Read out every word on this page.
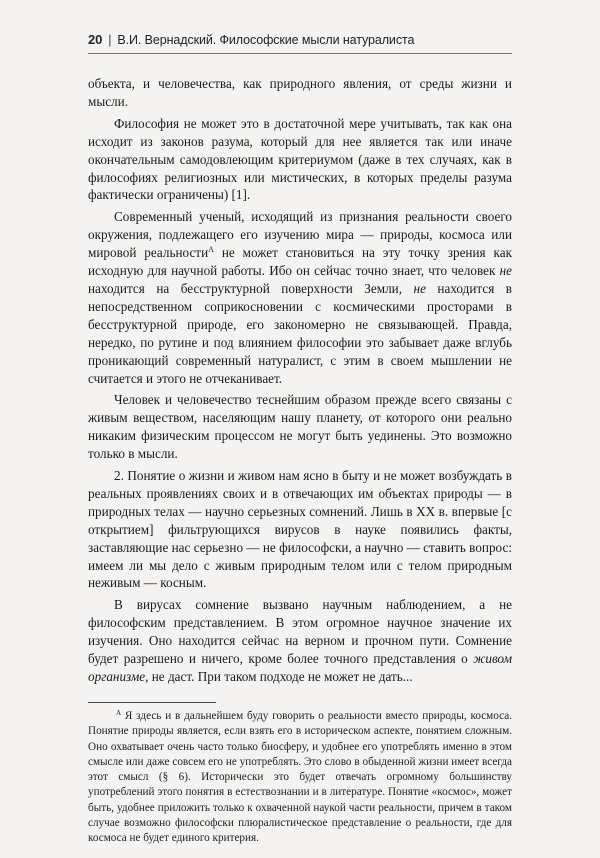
20 | В.И. Вернадский. Философские мысли натуралиста

объекта, и человечества, как природного явления, от среды жизни и мысли.

Философия не может это в достаточной мере учитывать, так как она исходит из законов разума, который для нее является так или иначе окончательным самодовлеющим критериумом (даже в тех случаях, как в философиях религиозных или мистических, в которых пределы разума фактически ограничены) [1].

Современный ученый, исходящий из признания реальности своего окружения, подлежащего его изучению мира — природы, космоса или мировой реальности$^A$ не может становиться на эту точку зрения как исходную для научной работы. Ибо он сейчас точно знает, что человек не находится на бесструктурной поверхности Земли, не находится в непосредственном соприкосновении с космическими просторами в бесструктурной природе, его закономерно не связывающей. Правда, нередко, по рутине и под влиянием философии это забывает даже вглубь проникающий современный натуралист, с этим в своем мышлении не считается и этого не отчеканивает.

Человек и человечество теснейшим образом прежде всего связаны с живым веществом, населяющим нашу планету, от которого они реально никаким физическим процессом не могут быть уединены. Это возможно только в мысли.

2. Понятие о жизни и живом нам ясно в быту и не может возбуждать в реальных проявлениях своих и в отвечающих им объектах природы — в природных телах — научно серьезных сомнений. Лишь в XX в. впервые [с открытием] фильтрующихся вирусов в науке появились факты, заставляющие нас серьезно — не философски, а научно — ставить вопрос: имеем ли мы дело с живым природным телом или с телом природным неживым — косным.

В вирусах сомнение вызвано научным наблюдением, а не философским представлением. В этом огромное научное значение их изучения. Оно находится сейчас на верном и прочном пути. Сомнение будет разрешено и ничего, кроме более точного представления о живом организме, не даст. При таком подходе не может не дать...

$^A$ Я здесь и в дальнейшем буду говорить о реальности вместо природы, космоса. Понятие природы является, если взять его в историческом аспекте, понятием сложным. Оно охватывает очень часто только биосферу, и удобнее его употреблять именно в этом смысле или даже совсем его не употреблять. Это слово в обыденной жизни имеет всегда этот смысл (§ 6). Исторически это будет отвечать огромному большинству употреблений этого понятия в естествознании и в литературе. Понятие «космос», может быть, удобнее приложить только к охваченной наукой части реальности, причем в таком случае возможно философски плюралистическое представление о реальности, где для космоса не будет единого критерия.
